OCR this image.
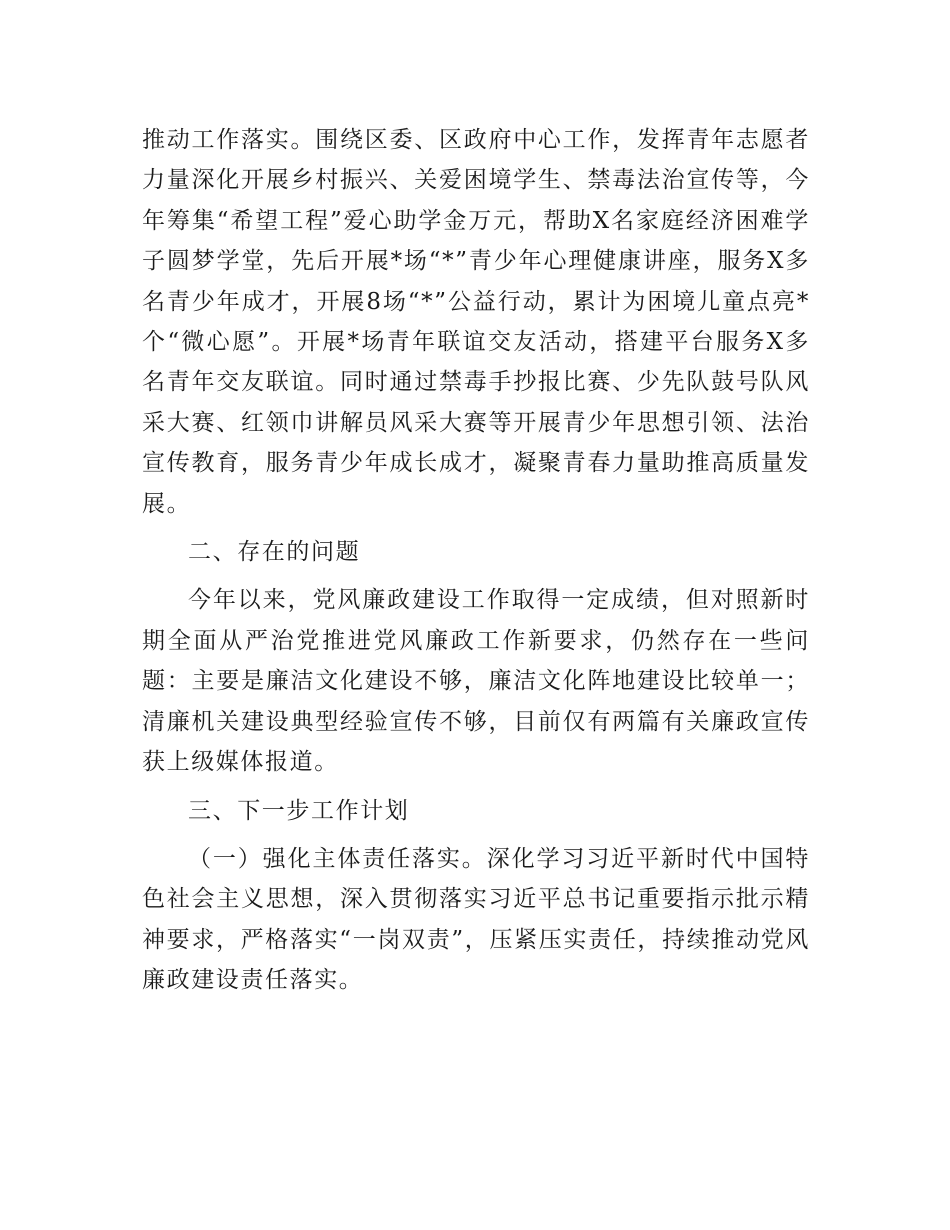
推动工作落实。围绕区委、区政府中心工作，发挥青年志愿者力量深化开展乡村振兴、关爱困境学生、禁毒法治宣传等，今年筹集“希望工程”爱心助学金万元，帮助X名家庭经济困难学子圆梦学堂，先后开展*场“*”青少年心理健康讲座，服务X多名青少年成才，开展8场“*”公益行动，累计为困境儿童点亮*个“微心愿”。开展*场青年联谊交友活动，搭建平台服务X多名青年交友联谊。同时通过禁毒手抄报比赛、少先队鼓号队风采大赛、红领巾讲解员风采大赛等开展青少年思想引领、法治宣传教育，服务青少年成长成才，凝聚青春力量助推高质量发展。

二、存在的问题

今年以来，党风廉政建设工作取得一定成绩，但对照新时期全面从严治党推进党风廉政工作新要求，仍然存在一些问题：主要是廉洁文化建设不够，廉洁文化阵地建设比较单一；清廉机关建设典型经验宣传不够，目前仅有两篇有关廉政宣传获上级媒体报道。

三、下一步工作计划

（一）强化主体责任落实。深化学习习近平新时代中国特色社会主义思想，深入贯彻落实习近平总书记重要指示批示精神要求，严格落实“一岗双责”，压紧压实责任，持续推动党风廉政建设责任落实。
